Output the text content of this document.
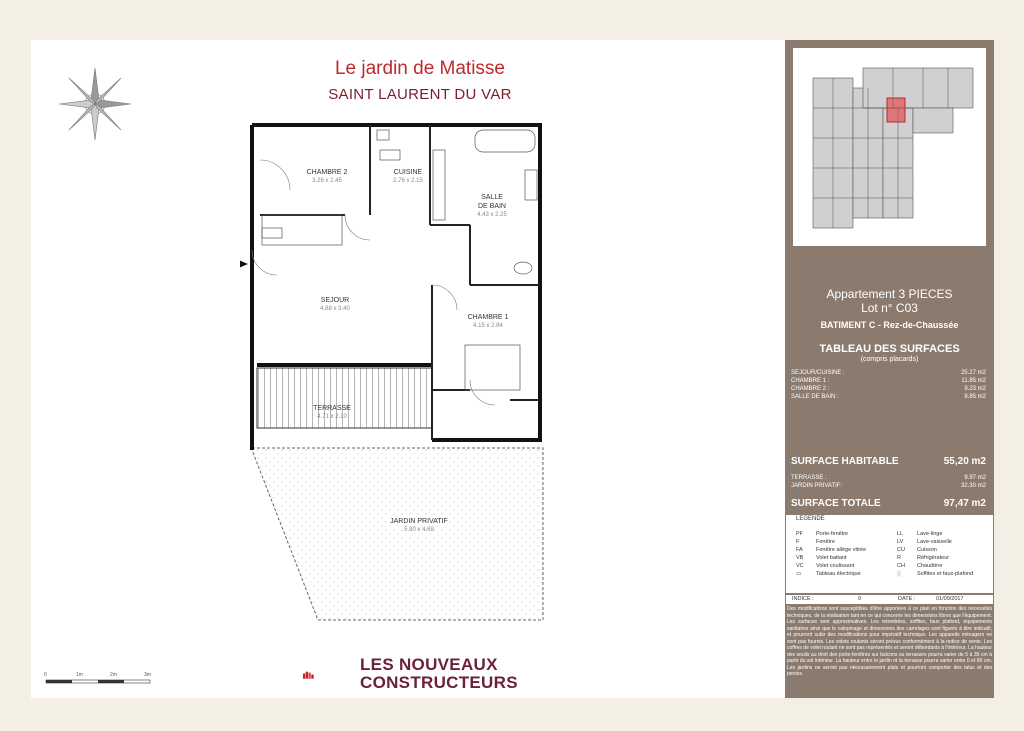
Le jardin de Matisse
SAINT LAURENT DU VAR
CHAMBRE 2
3.26 x 2.45
CUISINE
2.76 x 2.15

SALLE
DE BAIN

4.43 x 2.25

SEJOUR
4.88 x 3.40
CHAMBRE 1
4.15 x 2.84
TERRASSE
4.71 x 2.10
JARDIN PRIVATIF
5.90 x 4.68
0	1m	2m	3m
LES NOUVEAUX
CONSTRUCTEURS
Appartement 3 PIECES
Lot n° C03
BATIMENT C - Rez-de-Chaussée
TABLEAU DES SURFACES
(compris placards)
SEJOUR/CUISINE :	25.27 m2
CHAMBRE 1 :	11.85 m2
CHAMBRE 2 :	9.23 m2
SALLE DE BAIN :	8.85 m2
SURFACE HABITABLE	55,20 m2
TERRASSE :	9.97 m2
JARDIN PRIVATIF:	32.30 m2
SURFACE TOTALE	97,47 m2
LEGENDE
PF Porte-fenêtre
F	Fenêtre
FA Fenêtre allège vitrée
VB Volet battant
VC Volet coulissant
▭	Tableau électrique
LL	Lave-linge
LV Lave-vaisselle
CU Cuisson
R	Réfrigérateur
CH Chaudière
▒	Soffites et faux-plafond
INDICE :	0	DATE :	01/09/2017
Des modifications sont susceptibles d'être apportées à ce plan en fonction des nécessités techniques, de la réalisation tant en ce qui concerne les dimensions libres que l'équipement. Les surfaces sont approximatives. Les retombées, soffites, faux plafond, équipements sanitaires ainsi que le calepinage et dimensions des carrelages sont figurés à titre indicatif, et pourront subir des modifications pour impératif technique. Les appareils ménagers ne sont pas fournis. Les volets roulants seront prévus conformément à la notice de vente. Les coffres de volet roulant ne sont pas représentés et seront débordants à l'intérieur. La hauteur des seuils au droit des porte-fenêtres sur balcons ou terrasses pourra varier de 5 à 35 cm à partir du sol intérieur. La hauteur entre le jardin et la terrasse pourra varier entre 0 et 80 cm. Les jardins ne seront pas nécessairement plats et pourront comporter des talus et des pentes.
